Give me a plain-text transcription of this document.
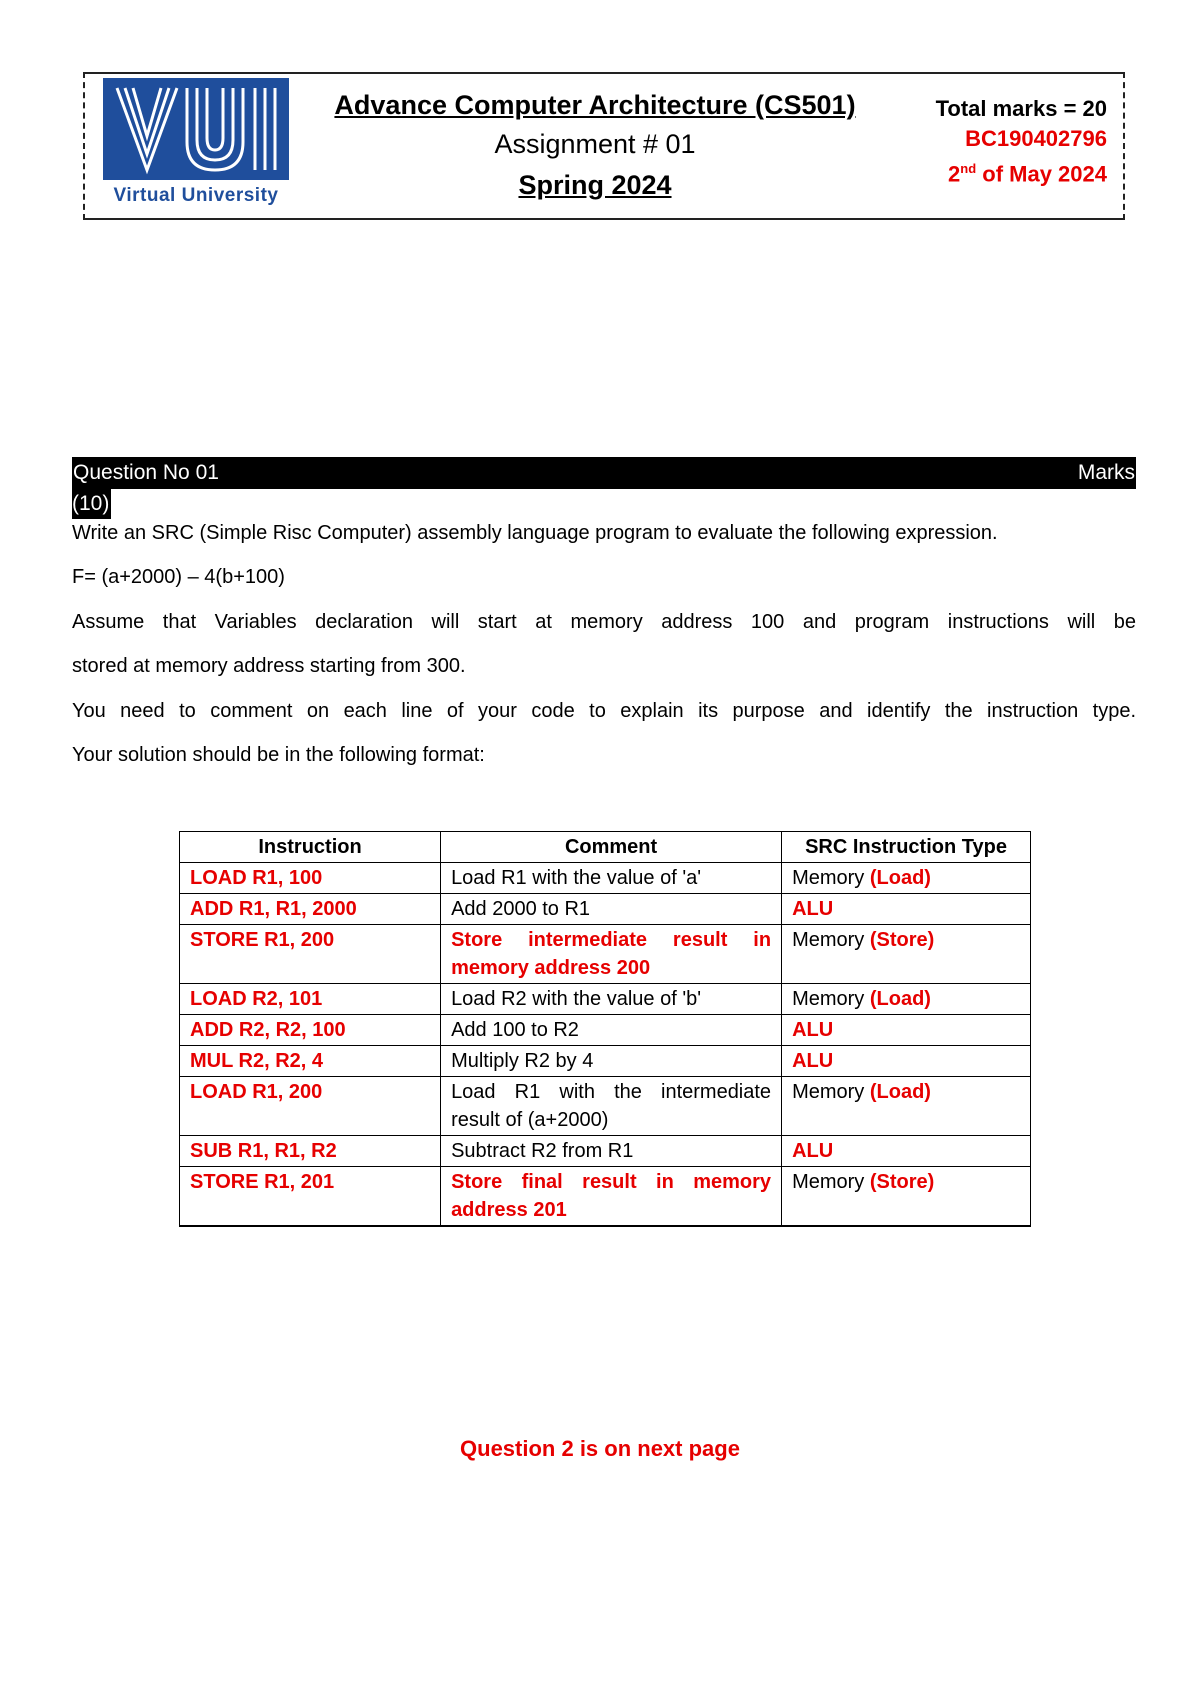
Virtual University
Advance Computer Architecture (CS501)
Assignment # 01
Spring 2024
Total marks = 20
BC190402796
2nd of May 2024
Question No 01	Marks
(10)
Write an SRC (Simple Risc Computer) assembly language program to evaluate the following expression.
F= (a+2000) – 4(b+100)
Assume that Variables declaration will start at memory address 100 and program instructions will be
stored at memory address starting from 300.
You need to comment on each line of your code to explain its purpose and identify the instruction type.
Your solution should be in the following format:
Instruction	Comment	SRC Instruction Type
LOAD R1, 100	Load R1 with the value of 'a'	Memory (Load)
ADD R1, R1, 2000	Add 2000 to R1	ALU
STORE R1, 200	Store intermediate result in memory address 200	Memory (Store)
LOAD R2, 101	Load R2 with the value of 'b'	Memory (Load)
ADD R2, R2, 100	Add 100 to R2	ALU
MUL R2, R2, 4	Multiply R2 by 4	ALU
LOAD R1, 200	Load R1 with the intermediate result of (a+2000)	Memory (Load)
SUB R1, R1, R2	Subtract R2 from R1	ALU
STORE R1, 201	Store final result in memory address 201	Memory (Store)
Question 2 is on next page
